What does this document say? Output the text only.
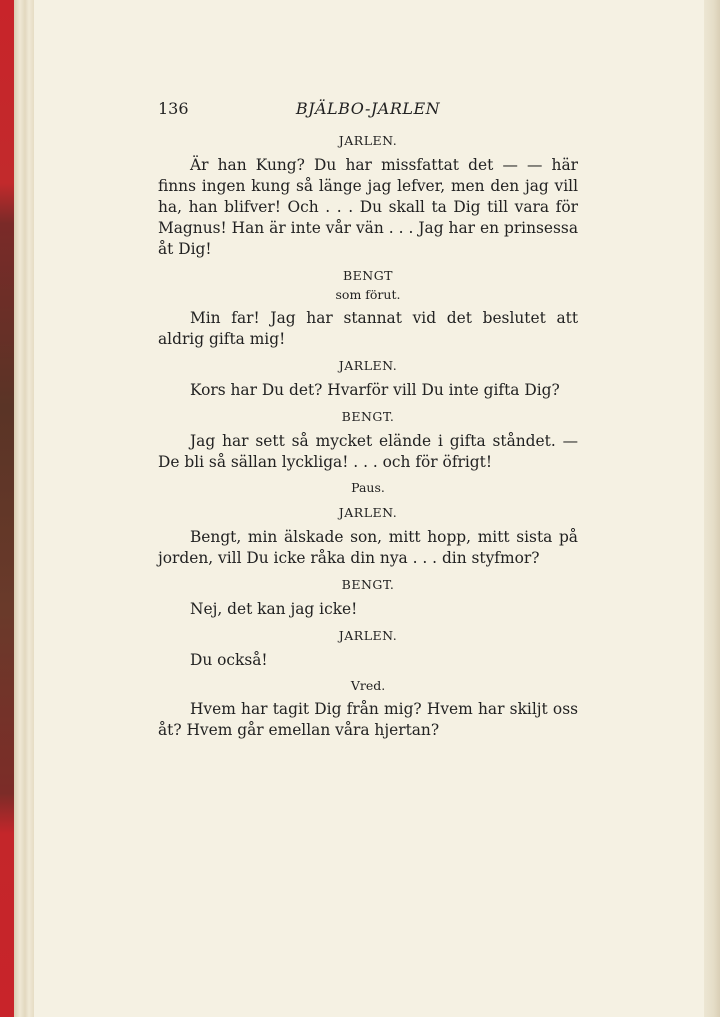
136	BJÄLBO-JARLEN
JARLEN.
Är han Kung? Du har missfattat det — — här finns ingen kung så länge jag lefver, men den jag vill ha, han blifver! Och . . . Du skall ta Dig till vara för Magnus! Han är inte vår vän . . . Jag har en prinsessa åt Dig!
BENGT
som förut.
Min far! Jag har stannat vid det beslutet att aldrig gifta mig!
JARLEN.
Kors har Du det? Hvarför vill Du inte gifta Dig?
BENGT.
Jag har sett så mycket elände i gifta ståndet. — De bli så sällan lyckliga! . . . och för öfrigt!
Paus.
JARLEN.
Bengt, min älskade son, mitt hopp, mitt sista på jorden, vill Du icke råka din nya . . . din styfmor?
BENGT.
Nej, det kan jag icke!
JARLEN.
Du också!
Vred.
Hvem har tagit Dig från mig? Hvem har skiljt oss åt? Hvem går emellan våra hjertan?
